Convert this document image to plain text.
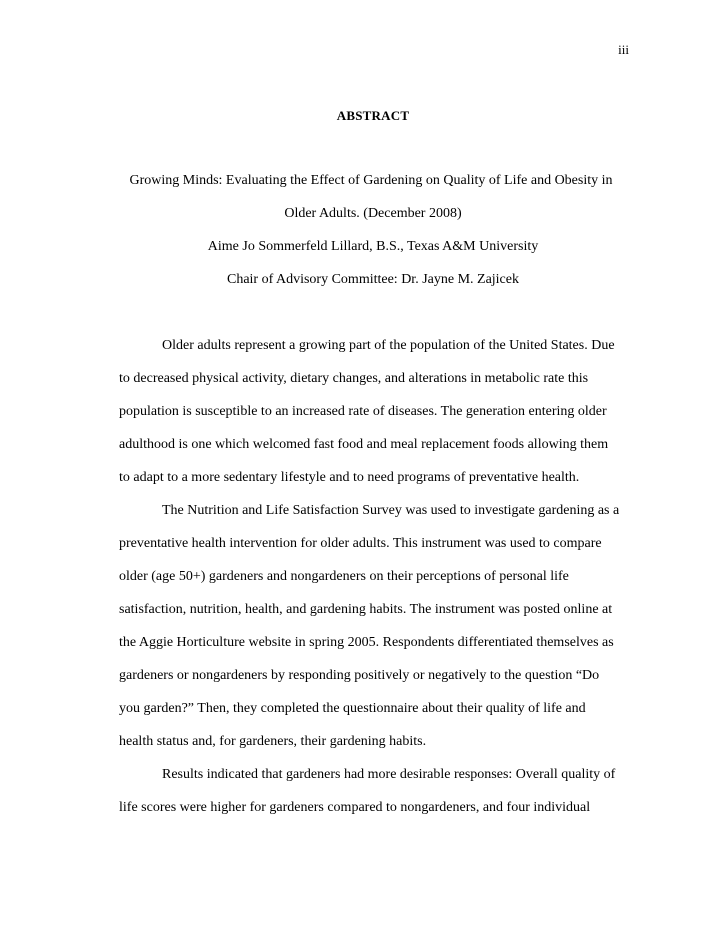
iii
ABSTRACT
Growing Minds: Evaluating the Effect of Gardening on Quality of Life and Obesity in
Older Adults. (December 2008)
Aime Jo Sommerfeld Lillard, B.S., Texas A&M University
Chair of Advisory Committee: Dr. Jayne M. Zajicek
Older adults represent a growing part of the population of the United States. Due
to decreased physical activity, dietary changes, and alterations in metabolic rate this
population is susceptible to an increased rate of diseases. The generation entering older
adulthood is one which welcomed fast food and meal replacement foods allowing them
to adapt to a more sedentary lifestyle and to need programs of preventative health.
The Nutrition and Life Satisfaction Survey was used to investigate gardening as a
preventative health intervention for older adults. This instrument was used to compare
older (age 50+) gardeners and nongardeners on their perceptions of personal life
satisfaction, nutrition, health, and gardening habits. The instrument was posted online at
the Aggie Horticulture website in spring 2005. Respondents differentiated themselves as
gardeners or nongardeners by responding positively or negatively to the question “Do
you garden?” Then, they completed the questionnaire about their quality of life and
health status and, for gardeners, their gardening habits.
Results indicated that gardeners had more desirable responses: Overall quality of
life scores were higher for gardeners compared to nongardeners, and four individual
